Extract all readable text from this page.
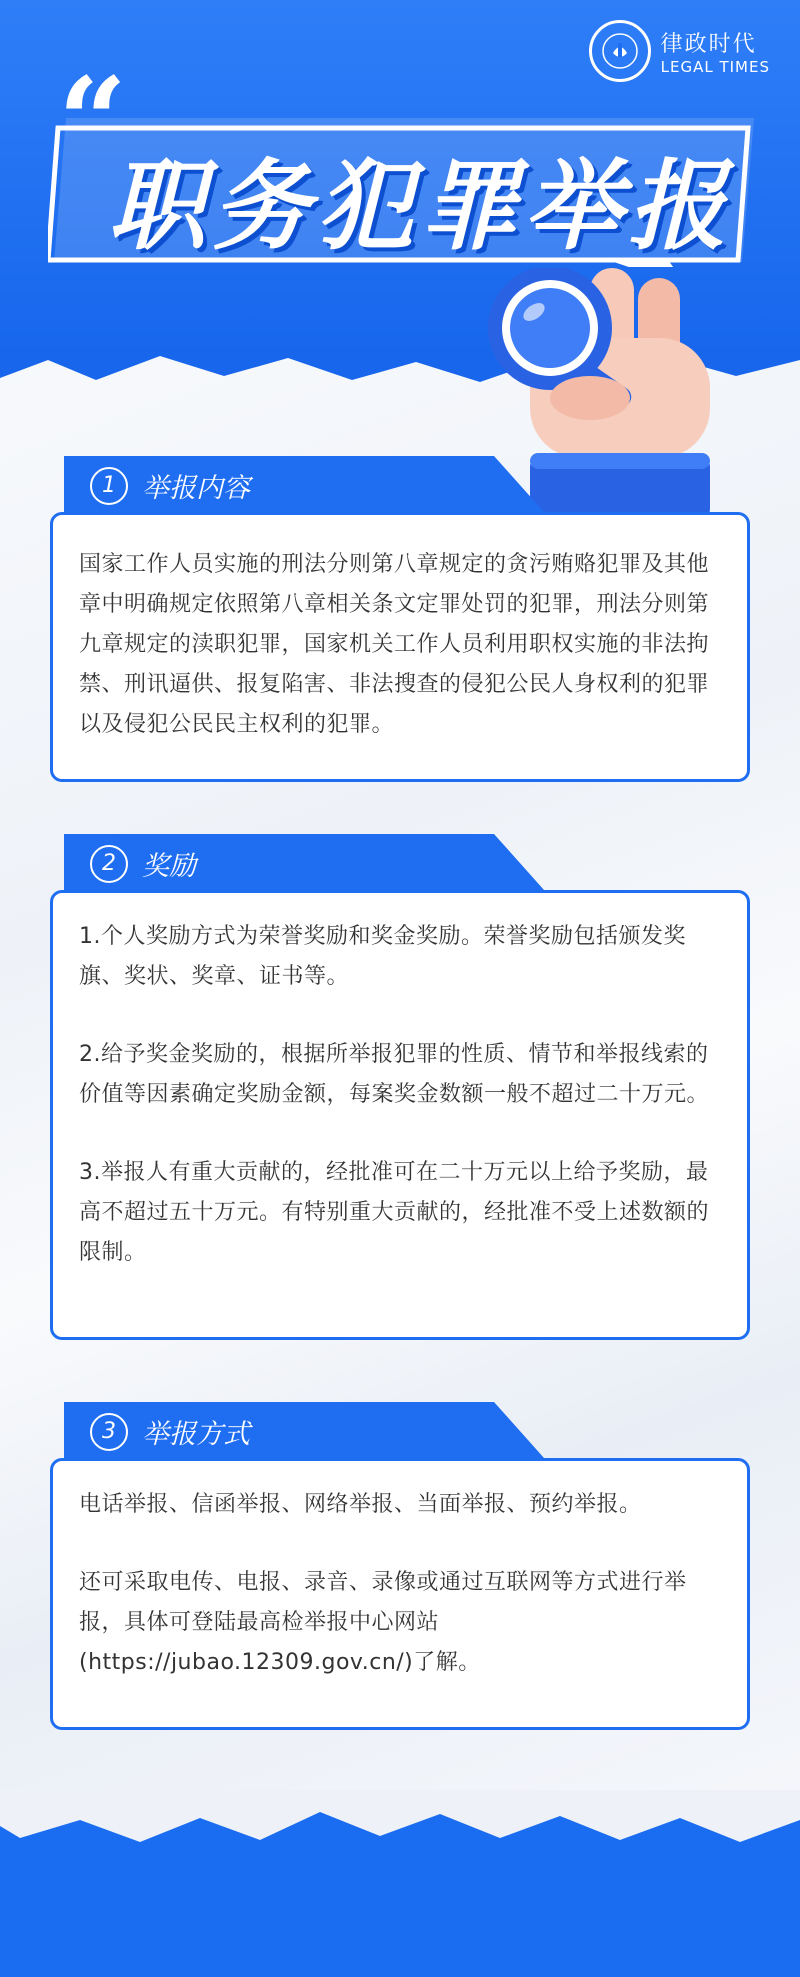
律政时代
LEGAL TIMES
“
职务犯罪举报
1 举报内容

国家工作人员实施的刑法分则第八章规定的贪污贿赂犯罪及其他章中明确规定依照第八章相关条文定罪处罚的犯罪，刑法分则第九章规定的渎职犯罪，国家机关工作人员利用职权实施的非法拘禁、刑讯逼供、报复陷害、非法搜查的侵犯公民人身权利的犯罪以及侵犯公民民主权利的犯罪。

2 奖励

1.个人奖励方式为荣誉奖励和奖金奖励。荣誉奖励包括颁发奖旗、奖状、奖章、证书等。

2.给予奖金奖励的，根据所举报犯罪的性质、情节和举报线索的价值等因素确定奖励金额，每案奖金数额一般不超过二十万元。

3.举报人有重大贡献的，经批准可在二十万元以上给予奖励，最高不超过五十万元。有特别重大贡献的，经批准不受上述数额的限制。

3 举报方式

电话举报、信函举报、网络举报、当面举报、预约举报。

还可采取电传、电报、录音、录像或通过互联网等方式进行举报，具体可登陆最高检举报中心网站(https://jubao.12309.gov.cn/)了解。
